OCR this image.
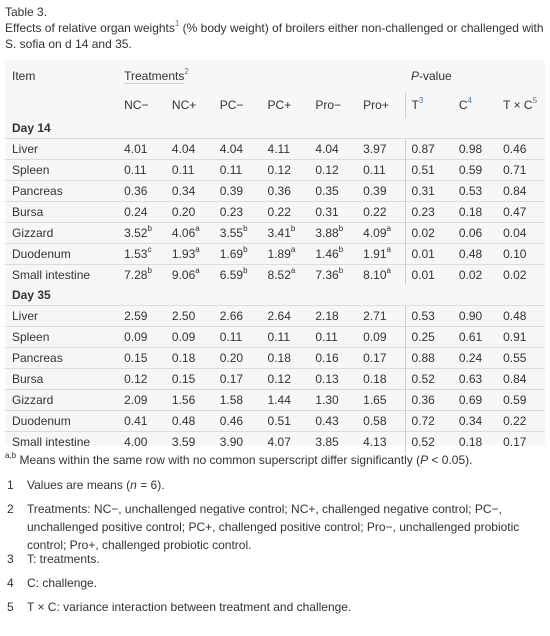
Table 3.
Effects of relative organ weights$^1$ (% body weight) of broilers either non-challenged or challenged with S. sofia on d 14 and 35.
Item	Treatments$^2$						P-value		
	NC−	NC+	PC−	PC+	Pro−	Pro+	$T^3$	$C^4$	$T \times C^5$
Day 14									
Liver	4.01	4.04	4.04	4.11	4.04	3.97	0.87	0.98	0.46
Spleen	0.11	0.11	0.11	0.12	0.12	0.11	0.51	0.59	0.71
Pancreas	0.36	0.34	0.39	0.36	0.35	0.39	0.31	0.53	0.84
Bursa	0.24	0.20	0.23	0.22	0.31	0.22	0.23	0.18	0.47
Gizzard	3.52$^b$	4.06$^a$	3.55$^b$	3.41$^b$	3.88$^b$	4.09$^a$	0.02	0.06	0.04
Duodenum	1.53$^c$	1.93$^a$	1.69$^b$	1.89$^a$	1.46$^b$	1.91$^a$	0.01	0.48	0.10
Small intestine	7.28$^b$	9.06$^a$	6.59$^b$	8.52$^a$	7.36$^b$	8.10$^a$	0.01	0.02	0.02
Day 35									
Liver	2.59	2.50	2.66	2.64	2.18	2.71	0.53	0.90	0.48
Spleen	0.09	0.09	0.11	0.11	0.11	0.09	0.25	0.61	0.91
Pancreas	0.15	0.18	0.20	0.18	0.16	0.17	0.88	0.24	0.55
Bursa	0.12	0.15	0.17	0.12	0.13	0.18	0.52	0.63	0.84
Gizzard	2.09	1.56	1.58	1.44	1.30	1.65	0.36	0.69	0.59
Duodenum	0.41	0.48	0.46	0.51	0.43	0.58	0.72	0.34	0.22
Small intestine	4.00	3.59	3.90	4.07	3.85	4.13	0.52	0.18	0.17
$^{a,b}$ Means within the same row with no common superscript differ significantly (P < 0.05).
1 Values are means (n = 6).
2 Treatments: NC−, unchallenged negative control; NC+, challenged negative control; PC−, unchallenged positive control; PC+, challenged positive control; Pro−, unchallenged probiotic control; Pro+, challenged probiotic control.
3 T: treatments.
4 C: challenge.
5 T × C: variance interaction between treatment and challenge.
